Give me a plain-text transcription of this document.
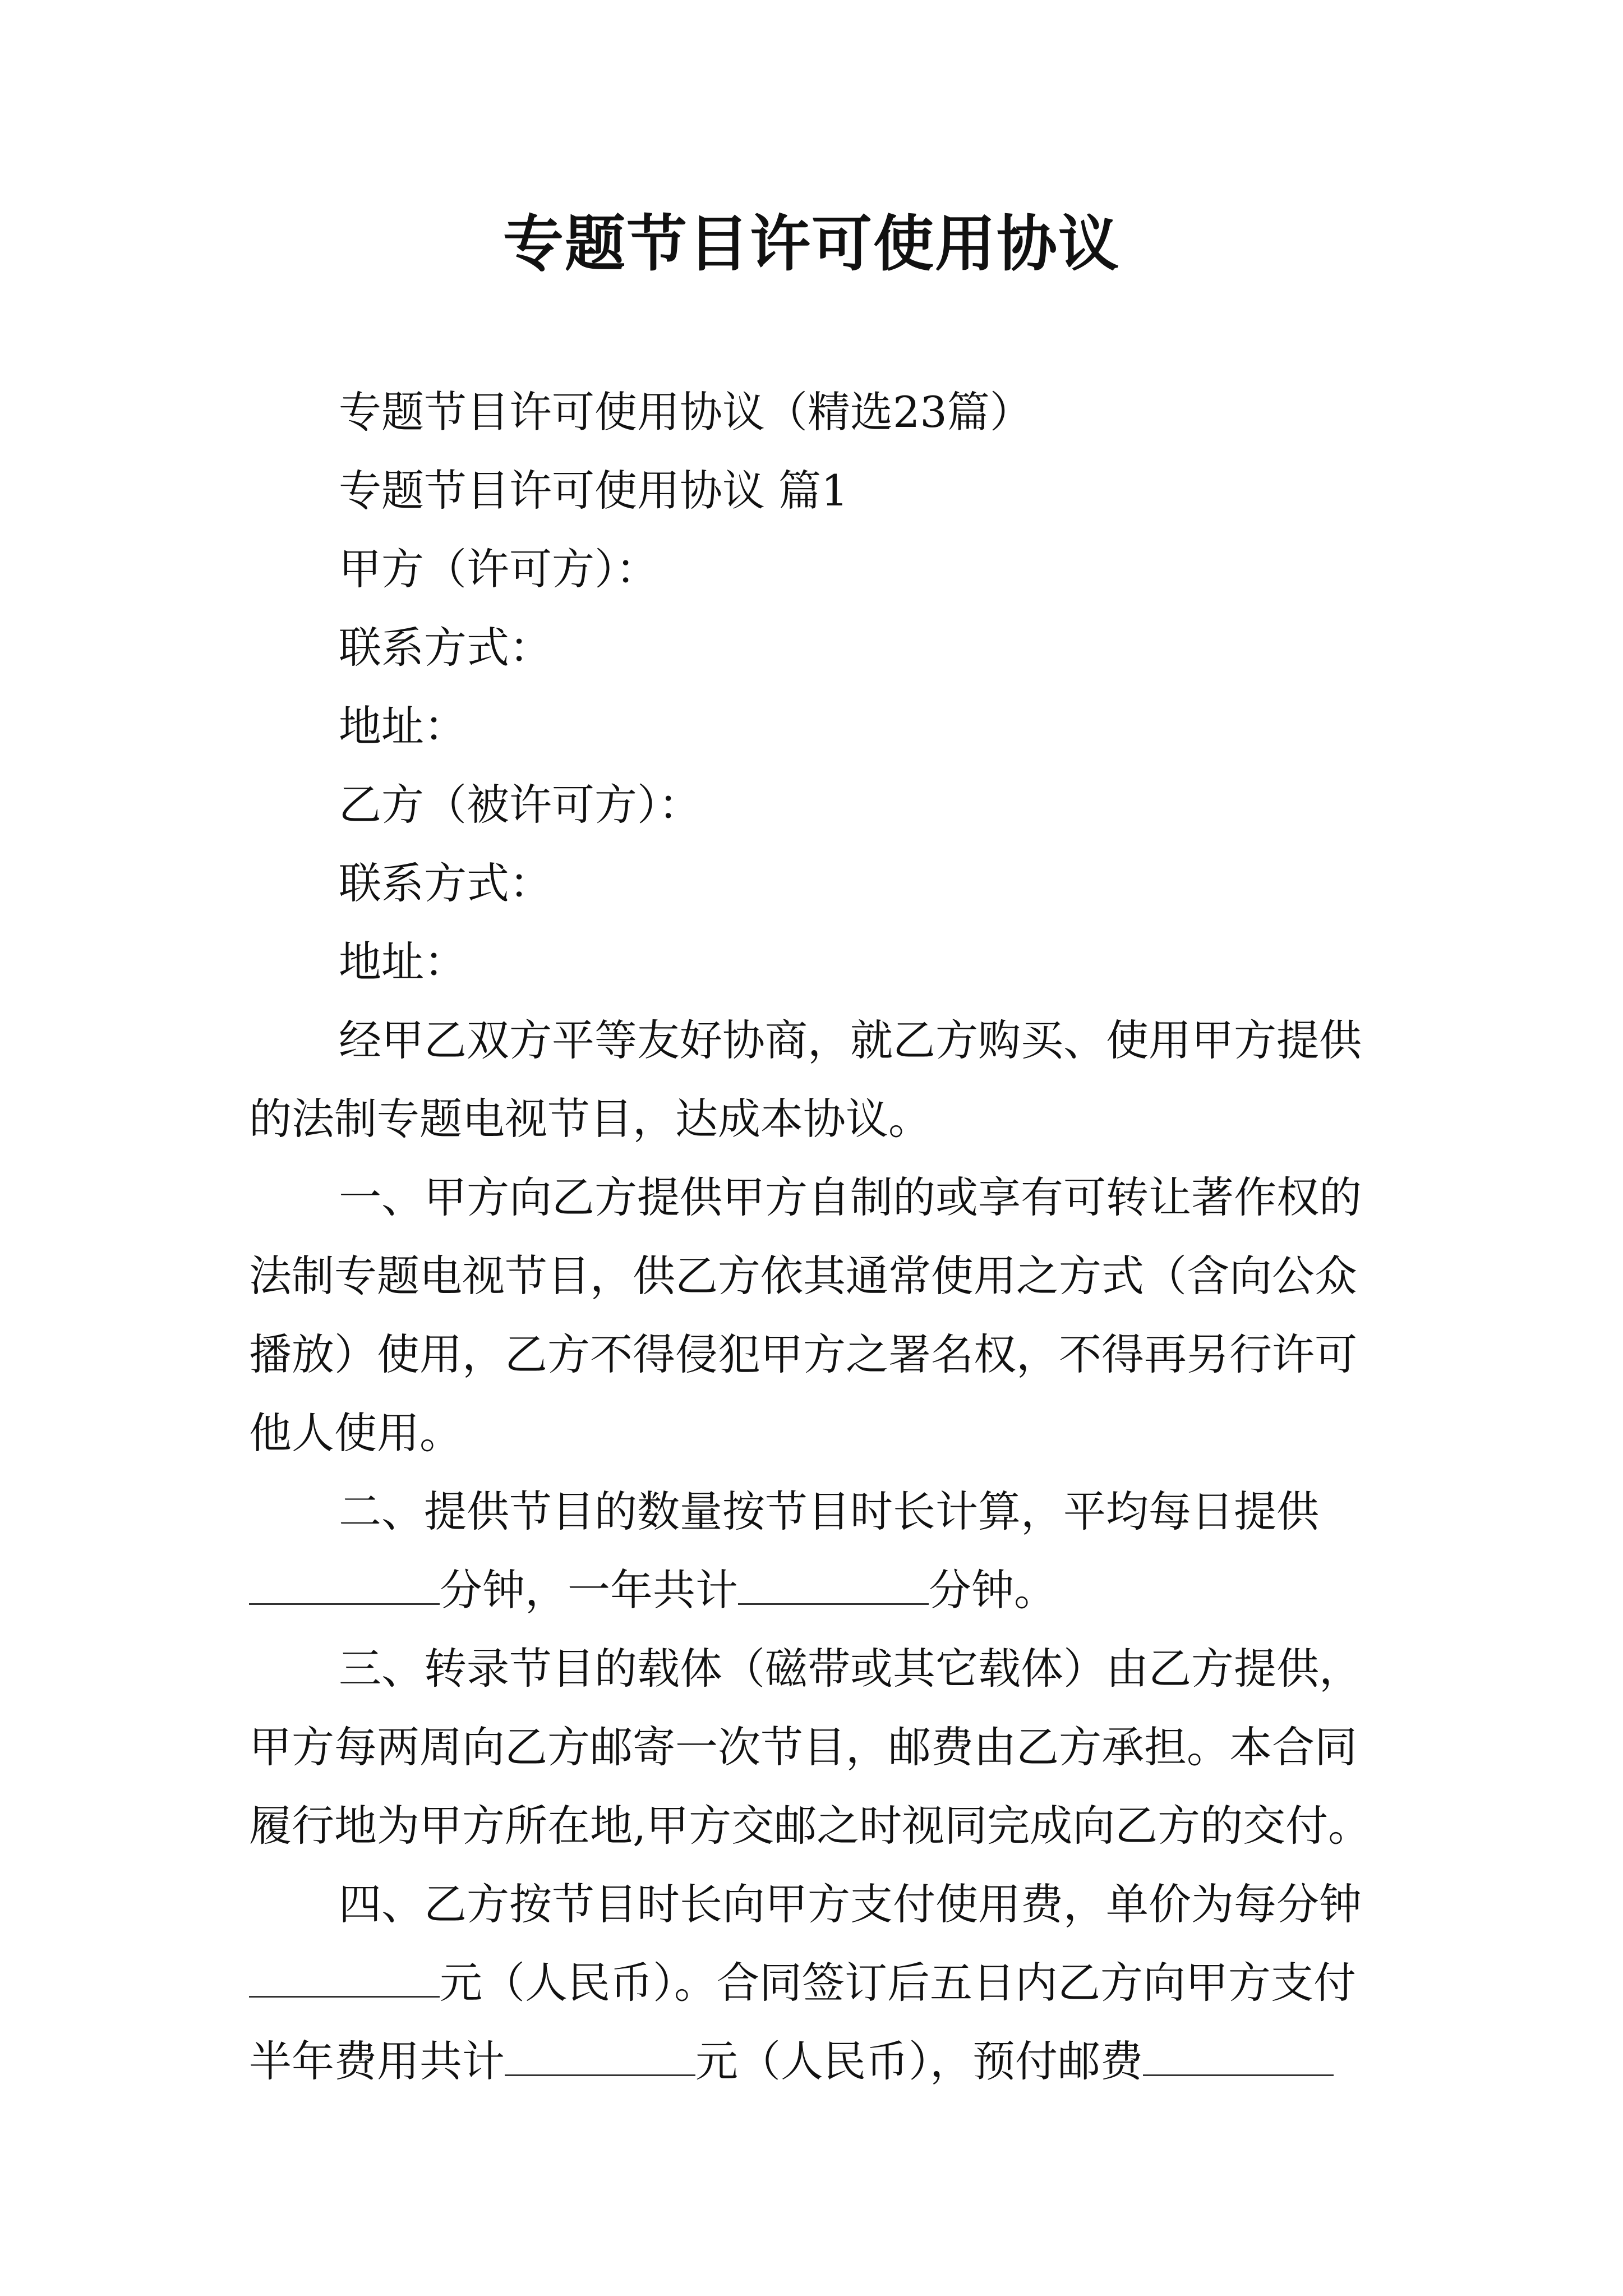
专题节目许可使用协议
专题节目许可使用协议（精选23篇）
专题节目许可使用协议 篇1
甲方（许可方）：
联系方式：
地址：
乙方（被许可方）：
联系方式：
地址：
经甲乙双方平等友好协商，就乙方购买、使用甲方提供
的法制专题电视节目，达成本协议。
一、甲方向乙方提供甲方自制的或享有可转让著作权的
法制专题电视节目，供乙方依其通常使用之方式（含向公众
播放）使用，乙方不得侵犯甲方之署名权，不得再另行许可
他人使用。
二、提供节目的数量按节目时长计算，平均每日提供
分钟，一年共计	分钟。
三、转录节目的载体（磁带或其它载体）由乙方提供，
甲方每两周向乙方邮寄一次节目，邮费由乙方承担。本合同
履行地为甲方所在地,甲方交邮之时视同完成向乙方的交付。
四、乙方按节目时长向甲方支付使用费，单价为每分钟
元（人民币）。合同签订后五日内乙方向甲方支付
半年费用共计	元（人民币），预付邮费
